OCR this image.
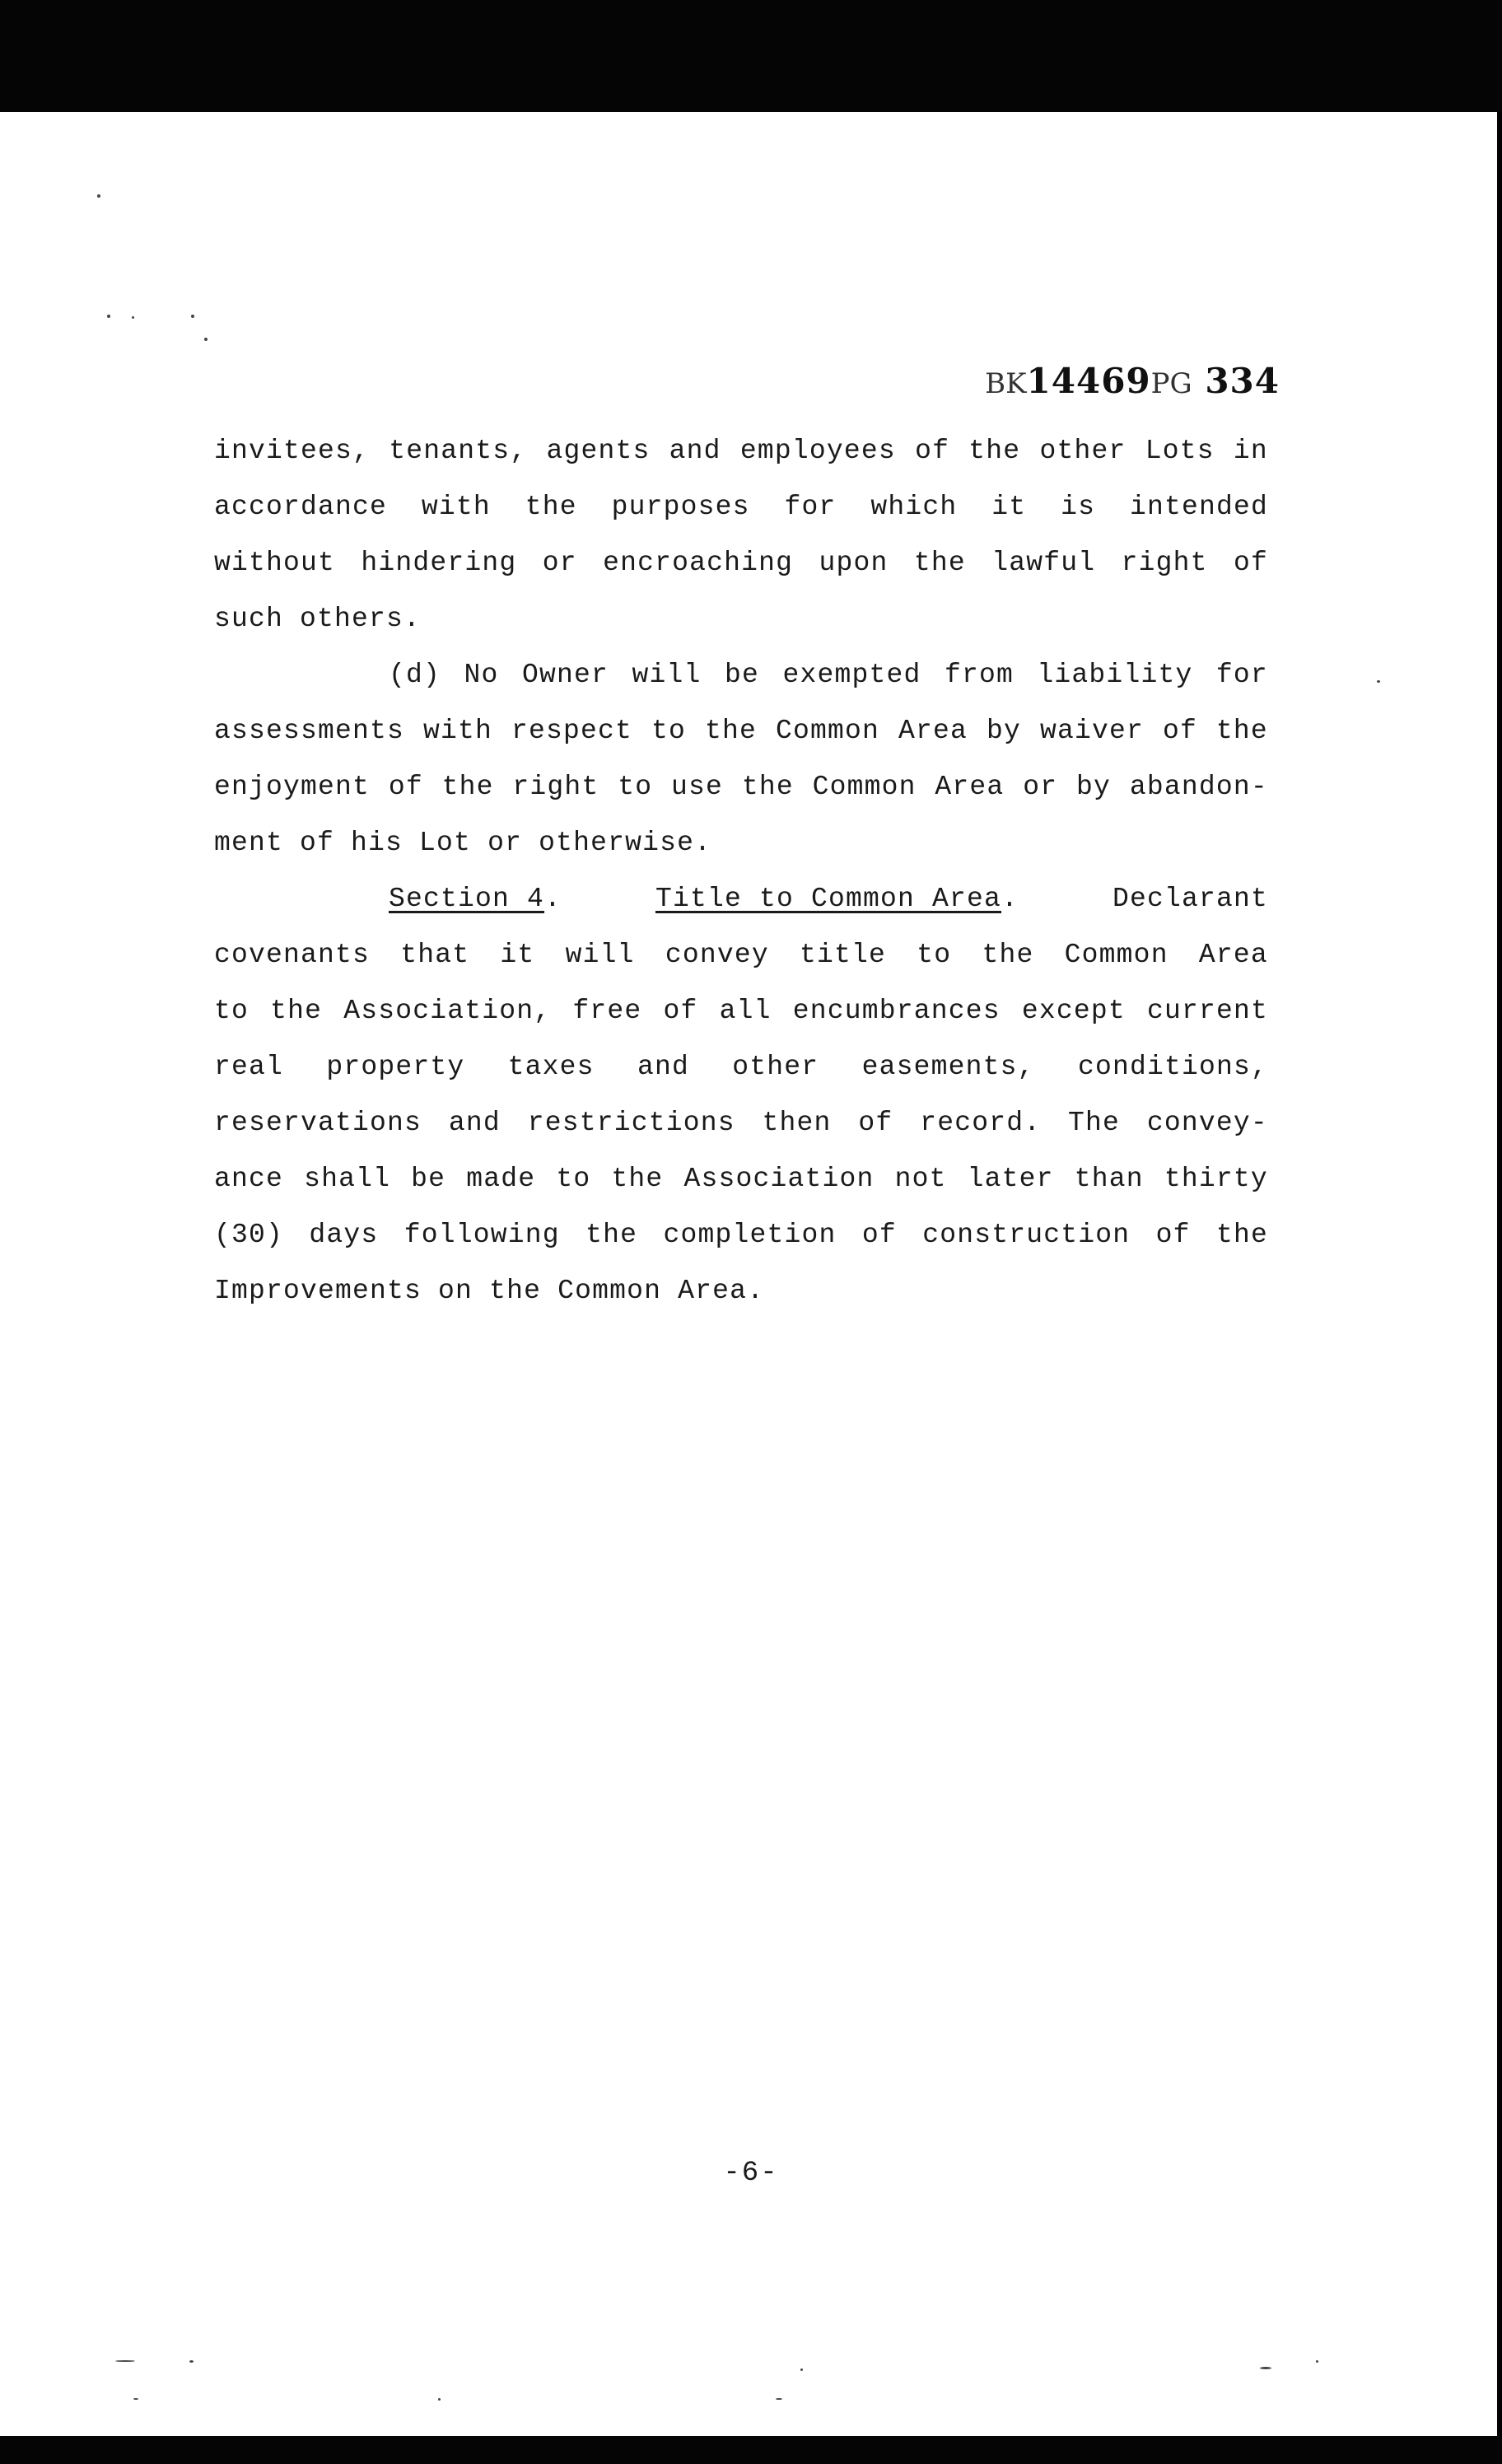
BK14469PG 334
invitees, tenants, agents and employees of the other Lots in
accordance with the purposes for which it is intended
without hindering or encroaching upon the lawful right of
such others.
(d) No Owner will be exempted from liability for
assessments with respect to the Common Area by waiver of the
enjoyment of the right to use the Common Area or by abandon-
ment of his Lot or otherwise.
Section 4.	Title to Common Area.	Declarant
covenants that it will convey title to the Common Area
to the Association, free of all encumbrances except current
real property taxes and other easements, conditions,
reservations and restrictions then of record. The convey-
ance shall be made to the Association not later than thirty
(30) days following the completion of construction of the
Improvements on the Common Area.
-6-
